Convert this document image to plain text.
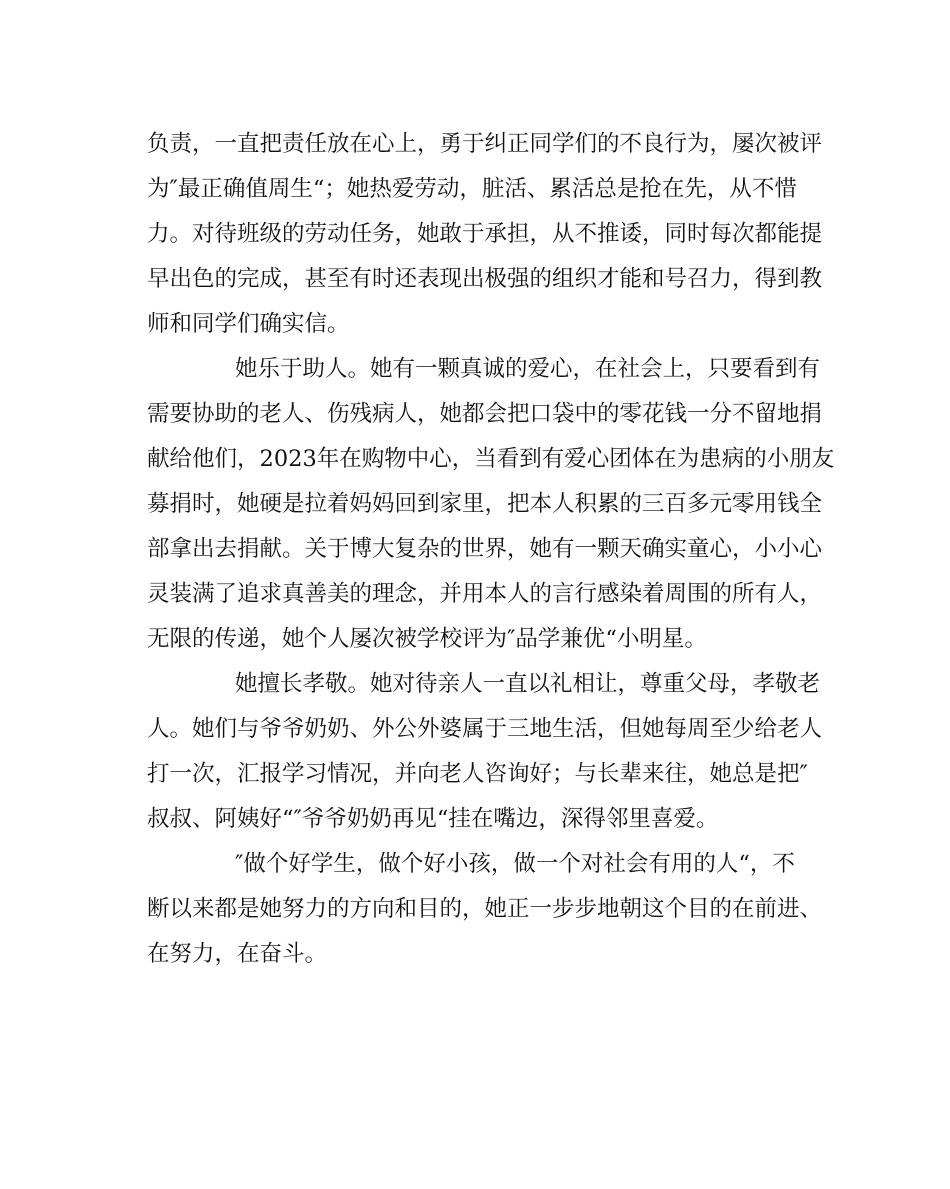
负责，一直把责任放在心上，勇于纠正同学们的不良行为，屡次被评
为″最正确值周生“；她热爱劳动，脏活、累活总是抢在先，从不惜
力。对待班级的劳动任务，她敢于承担，从不推诿，同时每次都能提
早出色的完成，甚至有时还表现出极强的组织才能和号召力，得到教
师和同学们确实信。
她乐于助人。她有一颗真诚的爱心，在社会上，只要看到有
需要协助的老人、伤残病人，她都会把口袋中的零花钱一分不留地捐
献给他们，2023年在购物中心，当看到有爱心团体在为患病的小朋友
募捐时，她硬是拉着妈妈回到家里，把本人积累的三百多元零用钱全
部拿出去捐献。关于博大复杂的世界，她有一颗天确实童心，小小心
灵装满了追求真善美的理念，并用本人的言行感染着周围的所有人，
无限的传递，她个人屡次被学校评为″品学兼优“小明星。
她擅长孝敬。她对待亲人一直以礼相让，尊重父母，孝敬老
人。她们与爷爷奶奶、外公外婆属于三地生活，但她每周至少给老人
打一次，汇报学习情况，并向老人咨询好；与长辈来往，她总是把″
叔叔、阿姨好“″爷爷奶奶再见“挂在嘴边，深得邻里喜爱。
″做个好学生，做个好小孩，做一个对社会有用的人“，不
断以来都是她努力的方向和目的，她正一步步地朝这个目的在前进、
在努力，在奋斗。
